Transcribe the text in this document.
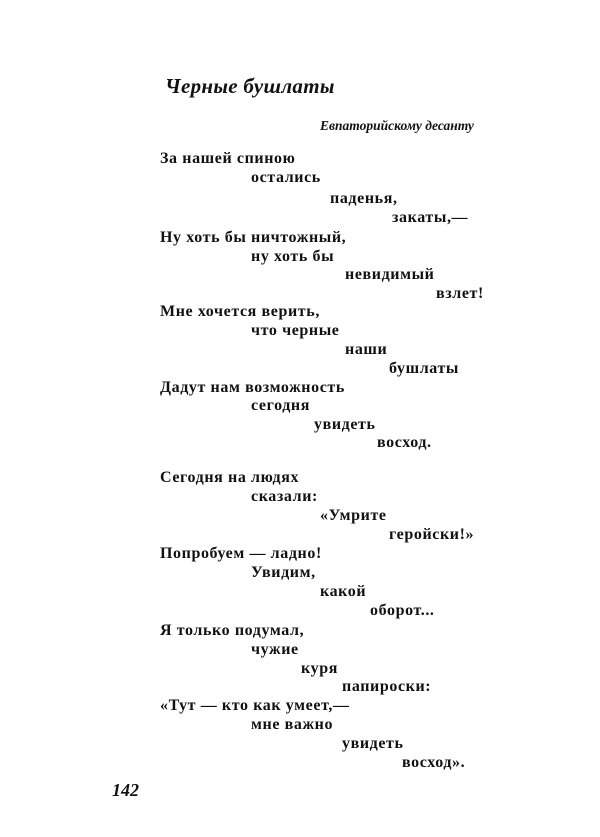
Черные бушлаты
Евпаторийскому десанту
За нашей спиною
остались
паденья,
закаты,—
Ну хоть бы ничтожный,
ну хоть бы
невидимый
взлет!
Мне хочется верить,
что черные
наши
бушлаты
Дадут нам возможность
сегодня
увидеть
восход.
Сегодня на людях
сказали:
«Умрите
геройски!»
Попробуем — ладно!
Увидим,
какой
оборот...
Я только подумал,
чужие
куря
папироски:
«Тут — кто как умеет,—
мне важно
увидеть
восход».
142
